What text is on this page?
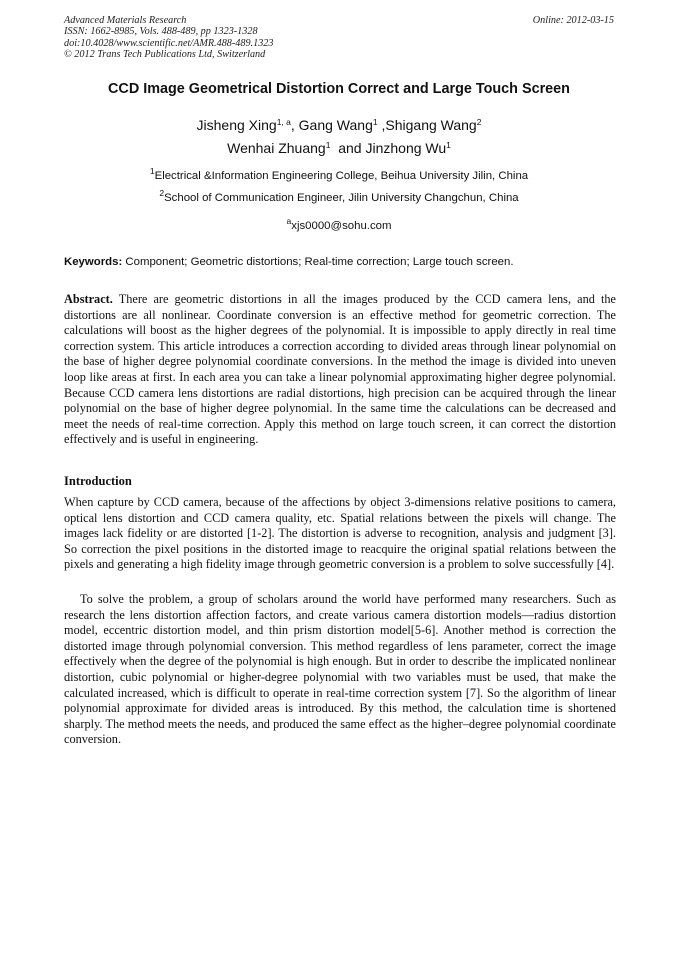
Advanced Materials Research
ISSN: 1662-8985, Vols. 488-489, pp 1323-1328
doi:10.4028/www.scientific.net/AMR.488-489.1323
© 2012 Trans Tech Publications Ltd, Switzerland
Online: 2012-03-15
CCD Image Geometrical Distortion Correct and Large Touch Screen
Jisheng Xing$^{1, a}$, Gang Wang$^1$ ,Shigang Wang$^2$
Wenhai Zhuang$^1$  and Jinzhong Wu$^1$
$^1$Electrical &Information Engineering College, Beihua University Jilin, China
$^2$School of Communication Engineer, Jilin University Changchun, China
$^a$xjs0000@sohu.com
Keywords: Component; Geometric distortions; Real-time correction; Large touch screen.
Abstract. There are geometric distortions in all the images produced by the CCD camera lens, and the distortions are all nonlinear. Coordinate conversion is an effective method for geometric correction. The calculations will boost as the higher degrees of the polynomial. It is impossible to apply directly in real time correction system. This article introduces a correction according to divided areas through linear polynomial on the base of higher degree polynomial coordinate conversions. In the method the image is divided into uneven loop like areas at first. In each area you can take a linear polynomial approximating higher degree polynomial. Because CCD camera lens distortions are radial distortions, high precision can be acquired through the linear polynomial on the base of higher degree polynomial. In the same time the calculations can be decreased and meet the needs of real-time correction. Apply this method on large touch screen, it can correct the distortion effectively and is useful in engineering.
Introduction

When capture by CCD camera, because of the affections by object 3-dimensions relative positions to camera, optical lens distortion and CCD camera quality, etc. Spatial relations between the pixels will change. The images lack fidelity or are distorted [1-2]. The distortion is adverse to recognition, analysis and judgment [3]. So correction the pixel positions in the distorted image to reacquire the original spatial relations between the pixels and generating a high fidelity image through geometric conversion is a problem to solve successfully [4].

To solve the problem, a group of scholars around the world have performed many researchers. Such as research the lens distortion affection factors, and create various camera distortion models—radius distortion model, eccentric distortion model, and thin prism distortion model[5-6]. Another method is correction the distorted image through polynomial conversion. This method regardless of lens parameter, correct the image effectively when the degree of the polynomial is high enough. But in order to describe the implicated nonlinear distortion, cubic polynomial or higher-degree polynomial with two variables must be used, that make the calculated increased, which is difficult to operate in real-time correction system [7]. So the algorithm of linear polynomial approximate for divided areas is introduced. By this method, the calculation time is shortened sharply. The method meets the needs, and produced the same effect as the higher–degree polynomial coordinate conversion.
